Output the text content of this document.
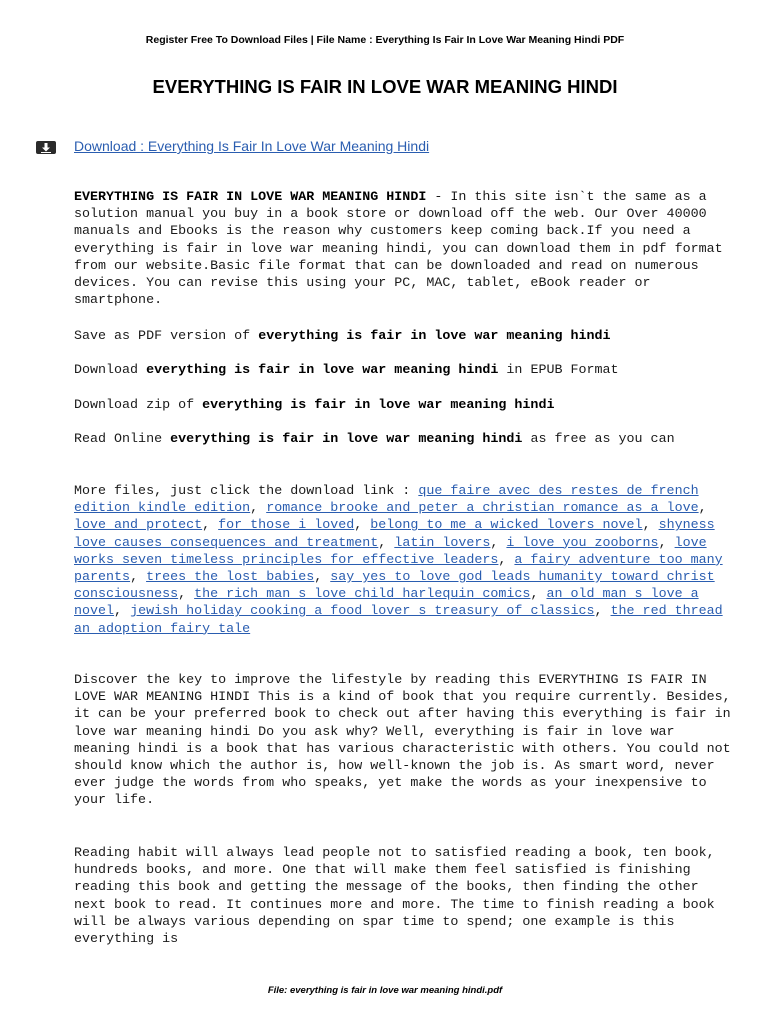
Register Free To Download Files | File Name : Everything Is Fair In Love War Meaning Hindi PDF
EVERYTHING IS FAIR IN LOVE WAR MEANING HINDI
Download : Everything Is Fair In Love War Meaning Hindi

EVERYTHING IS FAIR IN LOVE WAR MEANING HINDI - In this site isn`t the same as a solution manual you buy in a book store or download off the web. Our Over 40000 manuals and Ebooks is the reason why customers keep coming back.If you need a everything is fair in love war meaning hindi, you can download them in pdf format from our website.Basic file format that can be downloaded and read on numerous devices. You can revise this using your PC, MAC, tablet, eBook reader or smartphone.

Save as PDF version of everything is fair in love war meaning hindi

Download everything is fair in love war meaning hindi in EPUB Format

Download zip of everything is fair in love war meaning hindi

Read Online everything is fair in love war meaning hindi as free as you can

More files, just click the download link : que faire avec des restes de french edition kindle edition, romance brooke and peter a christian romance as a love, love and protect, for those i loved, belong to me a wicked lovers novel, shyness love causes consequences and treatment, latin lovers, i love you zooborns, love works seven timeless principles for effective leaders, a fairy adventure too many parents, trees the lost babies, say yes to love god leads humanity toward christ consciousness, the rich man s love child harlequin comics, an old man s love a novel, jewish holiday cooking a food lover s treasury of classics, the red thread an adoption fairy tale

Discover the key to improve the lifestyle by reading this EVERYTHING IS FAIR IN LOVE WAR MEANING HINDI This is a kind of book that you require currently. Besides, it can be your preferred book to check out after having this everything is fair in love war meaning hindi Do you ask why? Well, everything is fair in love war meaning hindi is a book that has various characteristic with others. You could not should know which the author is, how well-known the job is. As smart word, never ever judge the words from who speaks, yet make the words as your inexpensive to your life.

Reading habit will always lead people not to satisfied reading a book, ten book, hundreds books, and more. One that will make them feel satisfied is finishing reading this book and getting the message of the books, then finding the other next book to read. It continues more and more. The time to finish reading a book will be always various depending on spar time to spend; one example is this everything is

File: everything is fair in love war meaning hindi.pdf
